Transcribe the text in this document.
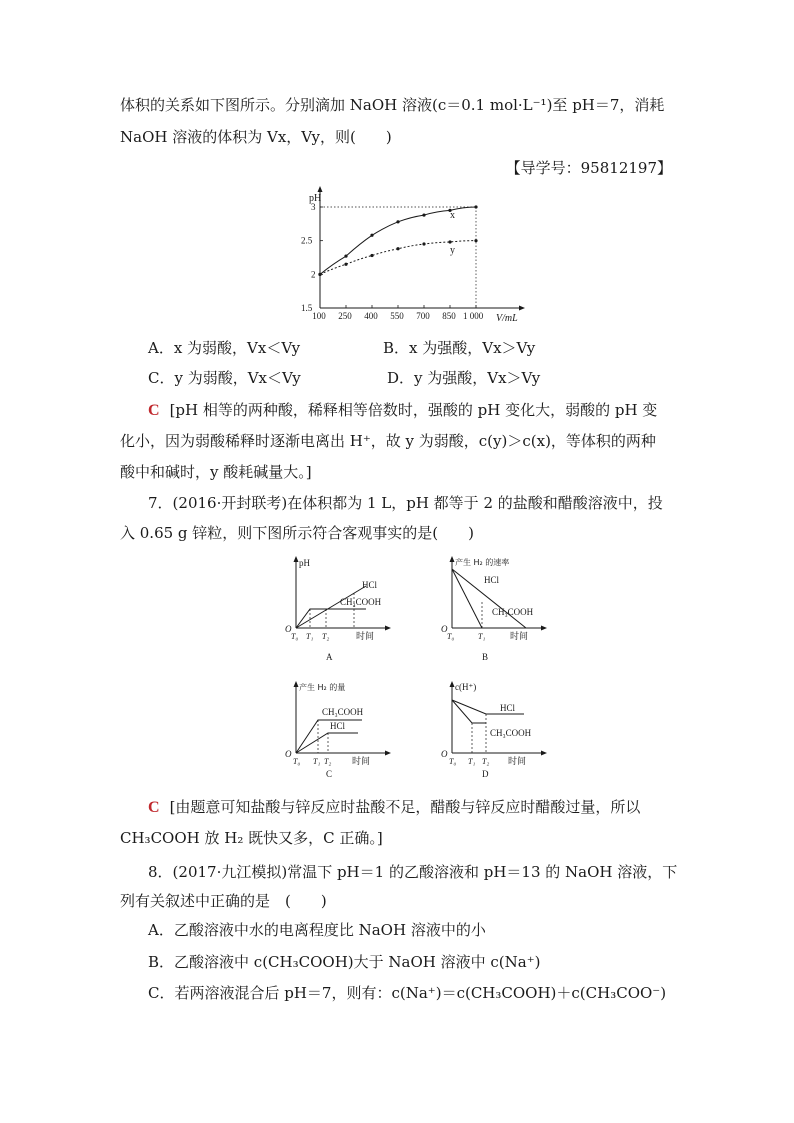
体积的关系如下图所示。分别滴加 NaOH 溶液(c＝0.1 mol·L⁻¹)至 pH＝7，消耗
NaOH 溶液的体积为 Vx，Vy，则(　　)
【导学号：95812197】
100 250 400 550 700 850 1 000
1.5
2
2.5
3
pH
V/mL
x
y
A．x 为弱酸，Vx＜Vy	B．x 为强酸，Vx＞Vy
C．y 为弱酸，Vx＜Vy	D．y 为强酸，Vx＞Vy
C [pH 相等的两种酸，稀释相等倍数时，强酸的 pH 变化大，弱酸的 pH 变
化小，因为弱酸稀释时逐渐电离出 H⁺，故 y 为弱酸，c(y)＞c(x)，等体积的两种
酸中和碱时，y 酸耗碱量大。]
7．(2016·开封联考)在体积都为 1 L，pH 都等于 2 的盐酸和醋酸溶液中，投
入 0.65 g 锌粒，则下图所示符合客观事实的是(　　)
pH
HCl
CH₃COOH
O
T₀ T₁ T₂	时间
A
产生 H₂ 的速率
HCl
CH₃COOH
O
T₀	T₁	时间
B
产生 H₂ 的量
CH₃COOH
HCl
O
T₀ T₁ T₂ 时间
C
c(H⁺)
HCl
CH₃COOH
O
T₀ T₁ T₂ 时间
D
C [由题意可知盐酸与锌反应时盐酸不足，醋酸与锌反应时醋酸过量，所以
CH₃COOH 放 H₂ 既快又多，C 正确。]
8．(2017·九江模拟)常温下 pH＝1 的乙酸溶液和 pH＝13 的 NaOH 溶液，下
列有关叙述中正确的是　(　　)
A．乙酸溶液中水的电离程度比 NaOH 溶液中的小
B．乙酸溶液中 c(CH₃COOH)大于 NaOH 溶液中 c(Na⁺)
C．若两溶液混合后 pH＝7，则有：c(Na⁺)＝c(CH₃COOH)＋c(CH₃COO⁻)
